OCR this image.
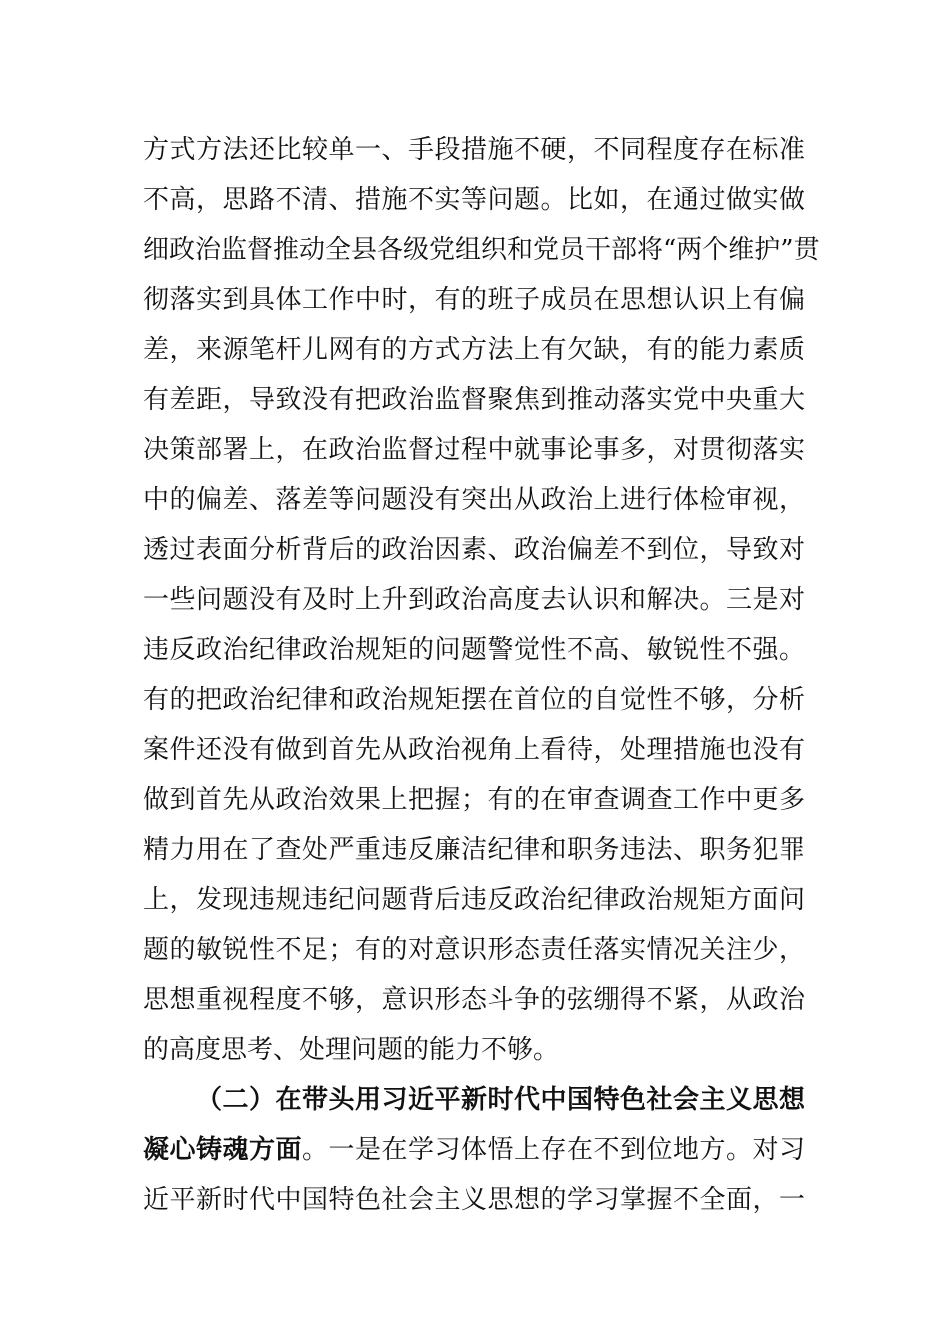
方式方法还比较单一、手段措施不硬，不同程度存在标准
不高，思路不清、措施不实等问题。比如，在通过做实做
细政治监督推动全县各级党组织和党员干部将“两个维护”贯
彻落实到具体工作中时，有的班子成员在思想认识上有偏
差，来源笔杆儿网有的方式方法上有欠缺，有的能力素质
有差距，导致没有把政治监督聚焦到推动落实党中央重大
决策部署上，在政治监督过程中就事论事多，对贯彻落实
中的偏差、落差等问题没有突出从政治上进行体检审视，
透过表面分析背后的政治因素、政治偏差不到位，导致对
一些问题没有及时上升到政治高度去认识和解决。三是对
违反政治纪律政治规矩的问题警觉性不高、敏锐性不强。
有的把政治纪律和政治规矩摆在首位的自觉性不够，分析
案件还没有做到首先从政治视角上看待，处理措施也没有
做到首先从政治效果上把握；有的在审查调查工作中更多
精力用在了查处严重违反廉洁纪律和职务违法、职务犯罪
上，发现违规违纪问题背后违反政治纪律政治规矩方面问
题的敏锐性不足；有的对意识形态责任落实情况关注少，
思想重视程度不够，意识形态斗争的弦绷得不紧，从政治
的高度思考、处理问题的能力不够。
（二）在带头用习近平新时代中国特色社会主义思想
凝心铸魂方面。一是在学习体悟上存在不到位地方。对习
近平新时代中国特色社会主义思想的学习掌握不全面，一
